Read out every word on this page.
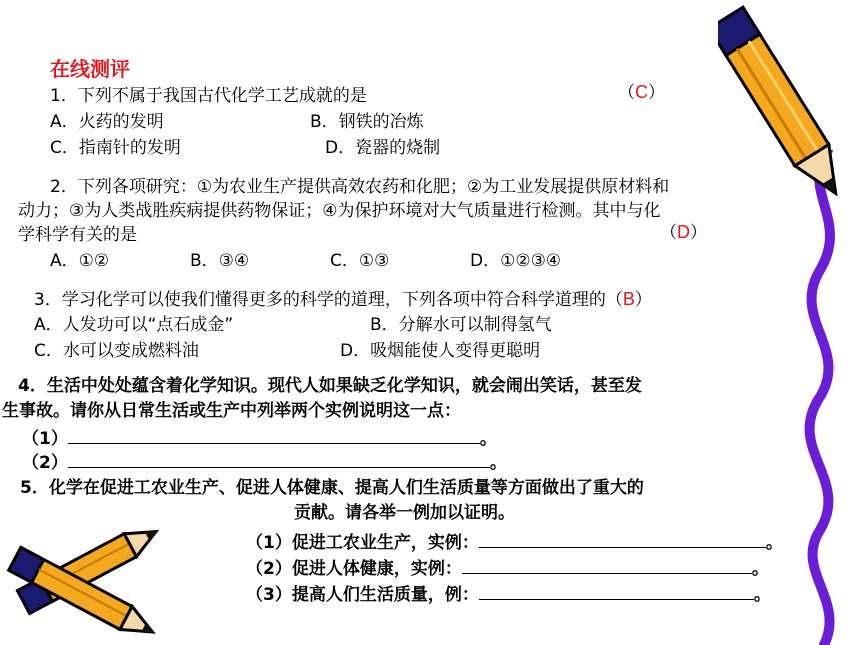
在线测评
1．下列不属于我国古代化学工艺成就的是	（C）
A．火药的发明	B．钢铁的冶炼
C．指南针的发明	D．瓷器的烧制
2．下列各项研究：①为农业生产提供高效农药和化肥；②为工业发展提供原材料和
动力；③为人类战胜疾病提供药物保证；④为保护环境对大气质量进行检测。其中与化
学科学有关的是	（D）
A．①②	B．③④	C．①③	D．①②③④
3．学习化学可以使我们懂得更多的科学的道理，下列各项中符合科学道理的（B）
A．人发功可以“点石成金”	B．分解水可以制得氢气
C．水可以变成燃料油	D．吸烟能使人变得更聪明
4．生活中处处蕴含着化学知识。现代人如果缺乏化学知识，就会闹出笑话，甚至发
生事故。请你从日常生活或生产中列举两个实例说明这一点：
（1）	。
（2）	。
5．化学在促进工农业生产、促进人体健康、提高人们生活质量等方面做出了重大的
贡献。请各举一例加以证明。
（1）促进工农业生产，实例：	。
（2）促进人体健康，实例：	。
（3）提高人们生活质量，例：	。
